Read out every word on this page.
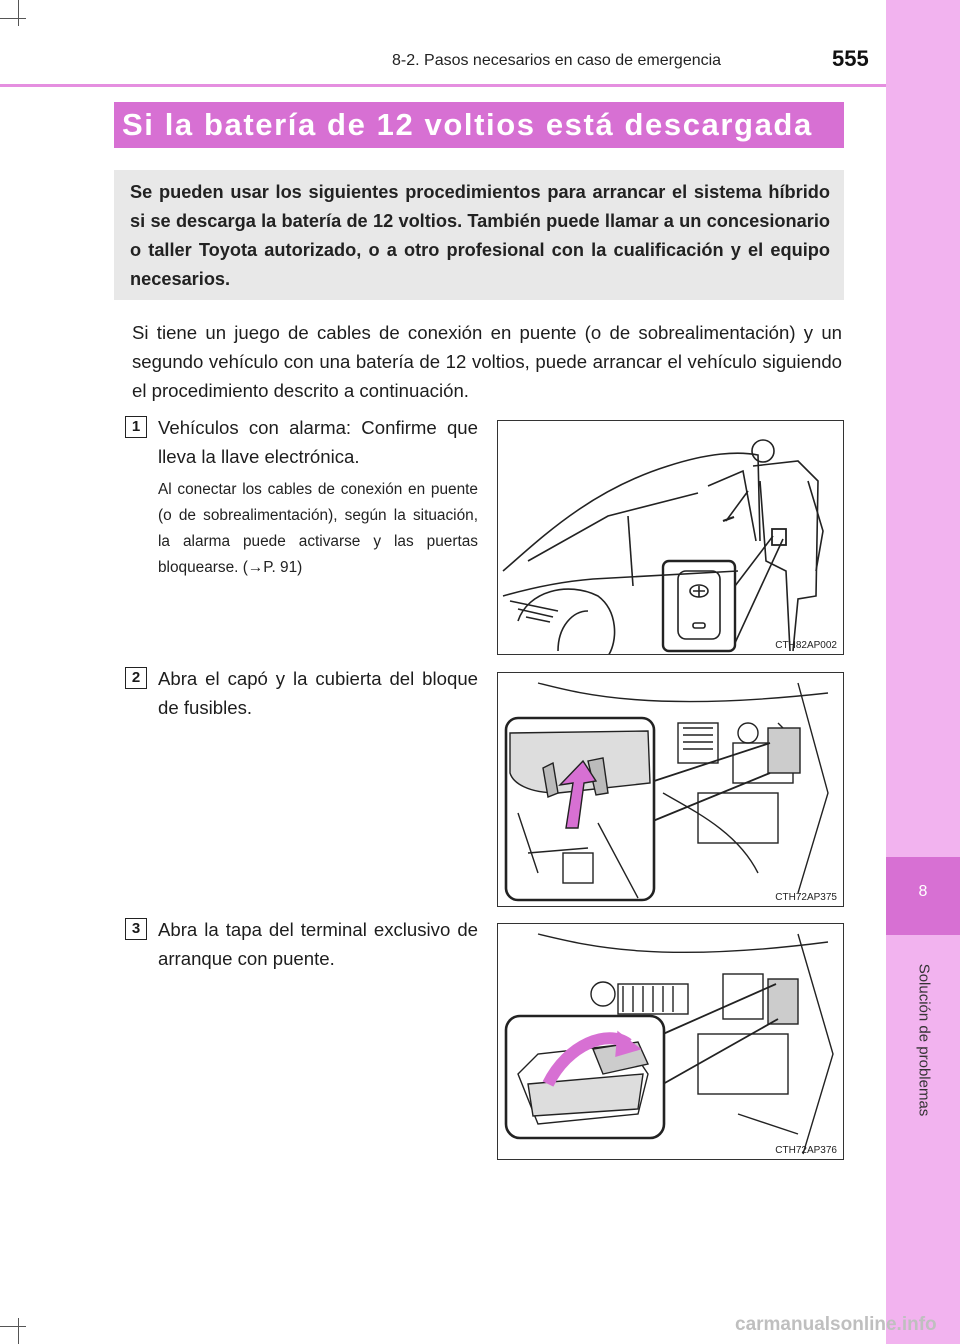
8
Solución de problemas
8-2. Pasos necesarios en caso de emergencia	555
Si la batería de 12 voltios está descargada
Se pueden usar los siguientes procedimientos para arrancar el sistema híbrido si se descarga la batería de 12 voltios. También puede llamar a un concesionario o taller Toyota autorizado, o a otro profesional con la cualificación y el equipo necesarios.
Si tiene un juego de cables de conexión en puente (o de sobrealimentación) y un segundo vehículo con una batería de 12 voltios, puede arrancar el vehículo siguiendo el procedimiento descrito a continuación.
1 Vehículos con alarma: Confirme que lleva la llave electrónica.
Al conectar los cables de conexión en puente (o de sobrealimentación), según la situación, la alarma puede activarse y las puertas bloquearse. (→P. 91)
CTH82AP002
2 Abra el capó y la cubierta del bloque de fusibles.
CTH72AP375
3 Abra la tapa del terminal exclusivo de arranque con puente.
CTH72AP376
carmanualsonline.info
